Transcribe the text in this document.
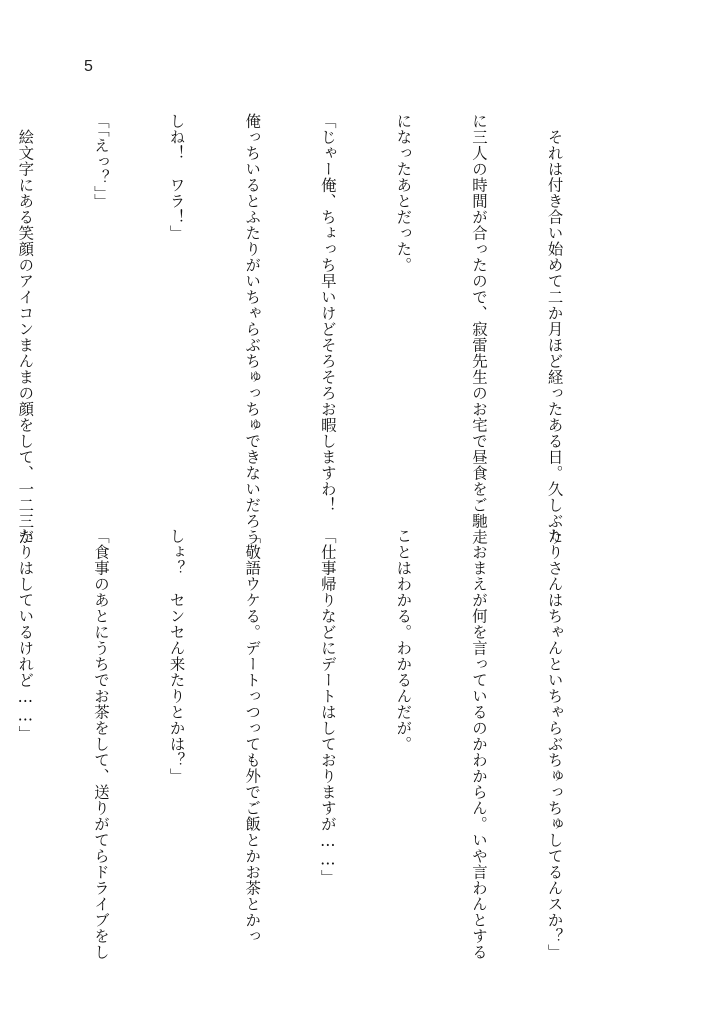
5

　それは付き合い始めて二か月ほど経ったある日。久しぶり

に三人の時間が合ったので、寂雷先生のお宅で昼食をご馳走

になったあとだった。

「じゃー俺、ちょっち早いけどそろそろお暇しますわ！

俺っちいるとふたりがいちゃらぶちゅっちゅできないだろう

しね！　ワラ！」

「「えっ？」」

　絵文字にある笑顔のアイコンまんまの顔をして、一二三が

たりさんはちゃんといちゃらぶちゅっちゅしてるんスか？」

　おまえが何を言っているのかわからん。いや言わんとする

ことはわかる。わかるんだが。

「仕事帰りなどにデートはしておりますが……」

「敬語ウケる。デートっつっても外でご飯とかお茶とかっ

しょ？　センセん来たりとかは？」

「食事のあとにうちでお茶をして、送りがてらドライブをし

たりはしているけれど……」
